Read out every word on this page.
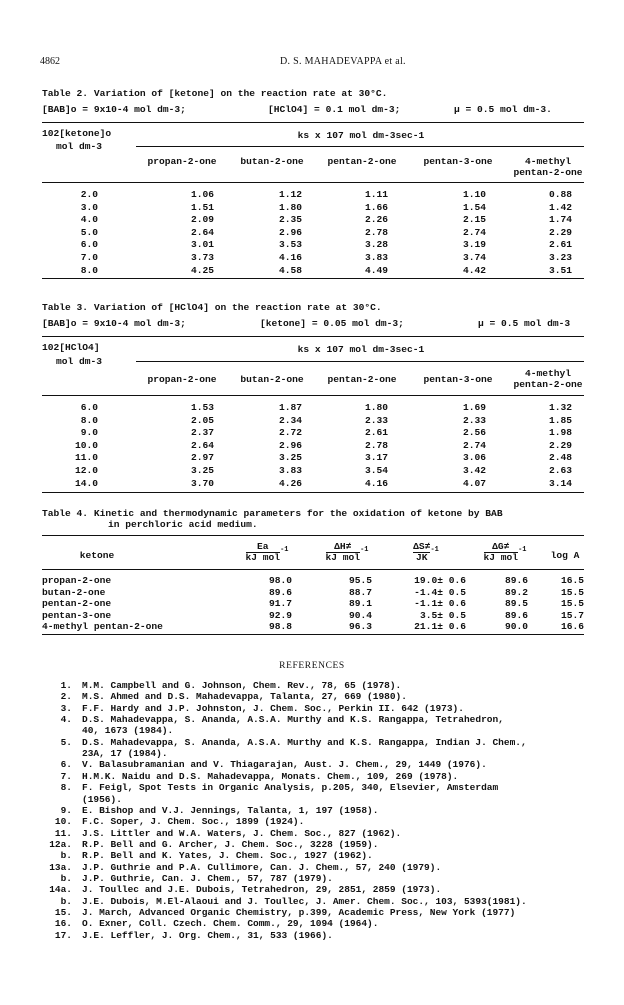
4862	D. S. MAHADEVAPPA et al.
Table 2. Variation of [ketone] on the reaction rate at 30°C.
[BAB]o = 9x10-4 mol dm-3;	[HClO4] = 0.1 mol dm-3;	μ = 0.5 mol dm-3.
102[ketone]o
mol dm-3
ks x 107 mol dm-3sec-1
propan-2-one	butan-2-one	pentan-2-one	pentan-3-one	4-methyl
pentan-2-one
2.0	1.06	1.12	1.11	1.10	0.88
3.0	1.51	1.80	1.66	1.54	1.42
4.0	2.09	2.35	2.26	2.15	1.74
5.0	2.64	2.96	2.78	2.74	2.29
6.0	3.01	3.53	3.28	3.19	2.61
7.0	3.73	4.16	3.83	3.74	3.23
8.0	4.25	4.58	4.49	4.42	3.51
Table 3. Variation of [HClO4] on the reaction rate at 30°C.
[BAB]o = 9x10-4 mol dm-3;	[ketone] = 0.05 mol dm-3;	μ = 0.5 mol dm-3
102[HClO4]
mol dm-3
ks x 107 mol dm-3sec-1
propan-2-one	butan-2-one	pentan-2-one	pentan-3-one
4-methyl
pentan-2-one
6.0	1.53	1.87	1.80	1.69	1.32
8.0	2.05	2.34	2.33	2.33	1.85
9.0	2.37	2.72	2.61	2.56	1.98
10.0	2.64	2.96	2.78	2.74	2.29
11.0	2.97	3.25	3.17	3.06	2.48
12.0	3.25	3.83	3.54	3.42	2.63
14.0	3.70	4.26	4.16	4.07	3.14
Table 4. Kinetic and thermodynamic parameters for the oxidation of ketone by BAB
in perchloric acid medium.
ketone	$\frac{Ea}{\text{kJ mol}} ^{-1}$	$\frac{\Delta H\ne}{\text{kJ mol}} ^{-1}$	$\frac{\Delta S\ne}{JK} ^{-1}$	$\frac{\Delta G\ne}{\text{kJ mol}} ^{-1}$	log A
propan-2-one	98.0	95.5	19.0± 0.6	89.6	16.5
butan-2-one	89.6	88.7	-1.4± 0.5	89.2	15.5
pentan-2-one	91.7	89.1	-1.1± 0.6	89.5	15.5
pentan-3-one	92.9	90.4	3.5± 0.5	89.6	15.7
4-methyl pentan-2-one	98.8	96.3	21.1± 0.6	90.0	16.6
REFERENCES
1. M.M. Campbell and G. Johnson, Chem. Rev., 78, 65 (1978).
2. M.S. Ahmed and D.S. Mahadevappa, Talanta, 27, 669 (1980).
3. F.F. Hardy and J.P. Johnston, J. Chem. Soc., Perkin II. 642 (1973).
4. D.S. Mahadevappa, S. Ananda, A.S.A. Murthy and K.S. Rangappa, Tetrahedron,
40, 1673 (1984).
5. D.S. Mahadevappa, S. Ananda, A.S.A. Murthy and K.S. Rangappa, Indian J. Chem.,
23A, 17 (1984).
6. V. Balasubramanian and V. Thiagarajan, Aust. J. Chem., 29, 1449 (1976).
7. H.M.K. Naidu and D.S. Mahadevappa, Monats. Chem., 109, 269 (1978).
8. F. Feigl, Spot Tests in Organic Analysis, p.205, 340, Elsevier, Amsterdam
(1956).
9. E. Bishop and V.J. Jennings, Talanta, 1, 197 (1958).
10. F.C. Soper, J. Chem. Soc., 1899 (1924).
11. J.S. Littler and W.A. Waters, J. Chem. Soc., 827 (1962).
12a. R.P. Bell and G. Archer, J. Chem. Soc., 3228 (1959).
b. R.P. Bell and K. Yates, J. Chem. Soc., 1927 (1962).
13a. J.P. Guthrie and P.A. Cullimore, Can. J. Chem., 57, 240 (1979).
b. J.P. Guthrie, Can. J. Chem., 57, 787 (1979).
14a. J. Toullec and J.E. Dubois, Tetrahedron, 29, 2851, 2859 (1973).
b. J.E. Dubois, M.El-Alaoui and J. Toullec, J. Amer. Chem. Soc., 103, 5393(1981).
15. J. March, Advanced Organic Chemistry, p.399, Academic Press, New York (1977)
16. O. Exner, Coll. Czech. Chem. Comm., 29, 1094 (1964).
17. J.E. Leffler, J. Org. Chem., 31, 533 (1966).
